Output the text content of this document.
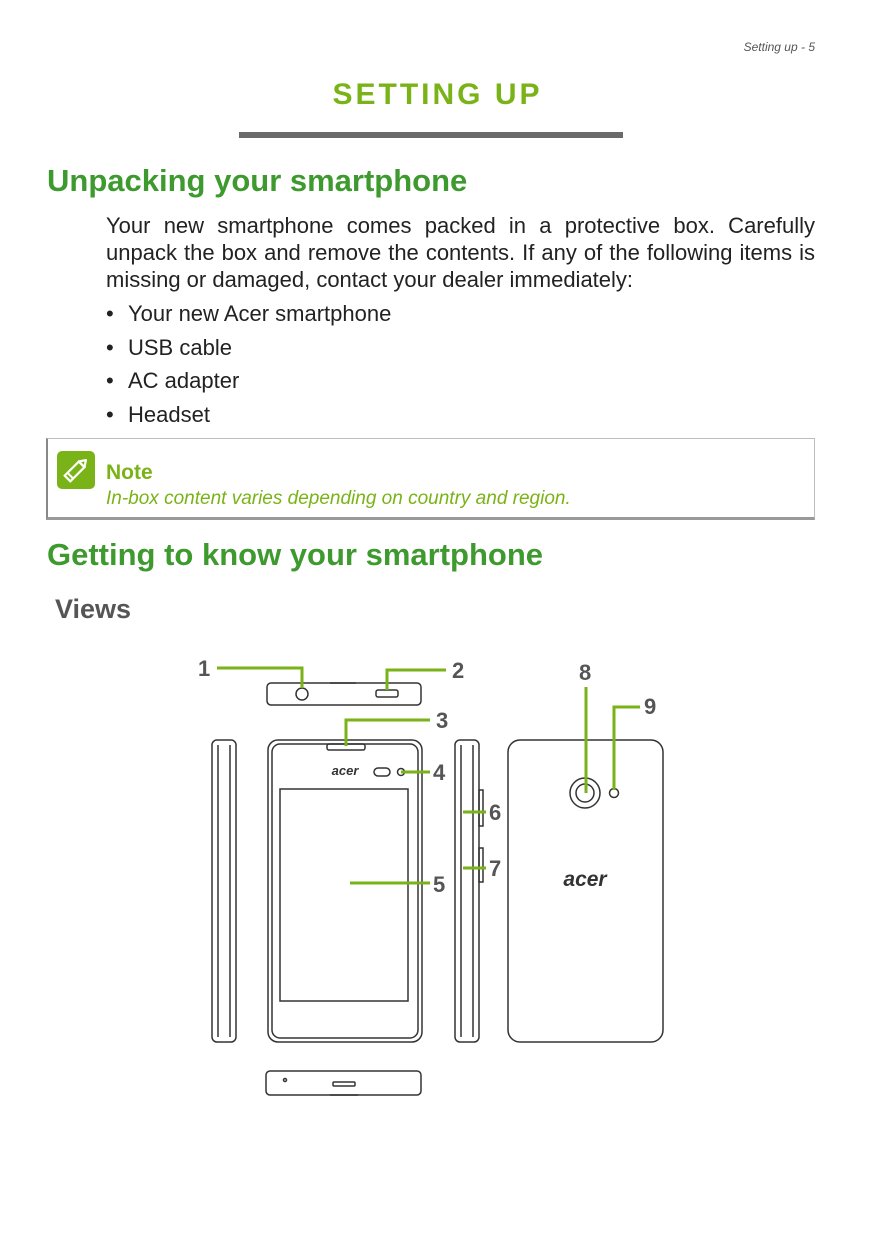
Setting up - 5
SETTING UP
Unpacking your smartphone
Your new smartphone comes packed in a protective box. Carefully unpack the box and remove the contents. If any of the following items is missing or damaged, contact your dealer immediately:
• Your new Acer smartphone
• USB cable
• AC adapter
• Headset
Note
In-box content varies depending on country and region.
Getting to know your smartphone
Views
acer
acer
1	2
3
4
5
6
7
8
9
